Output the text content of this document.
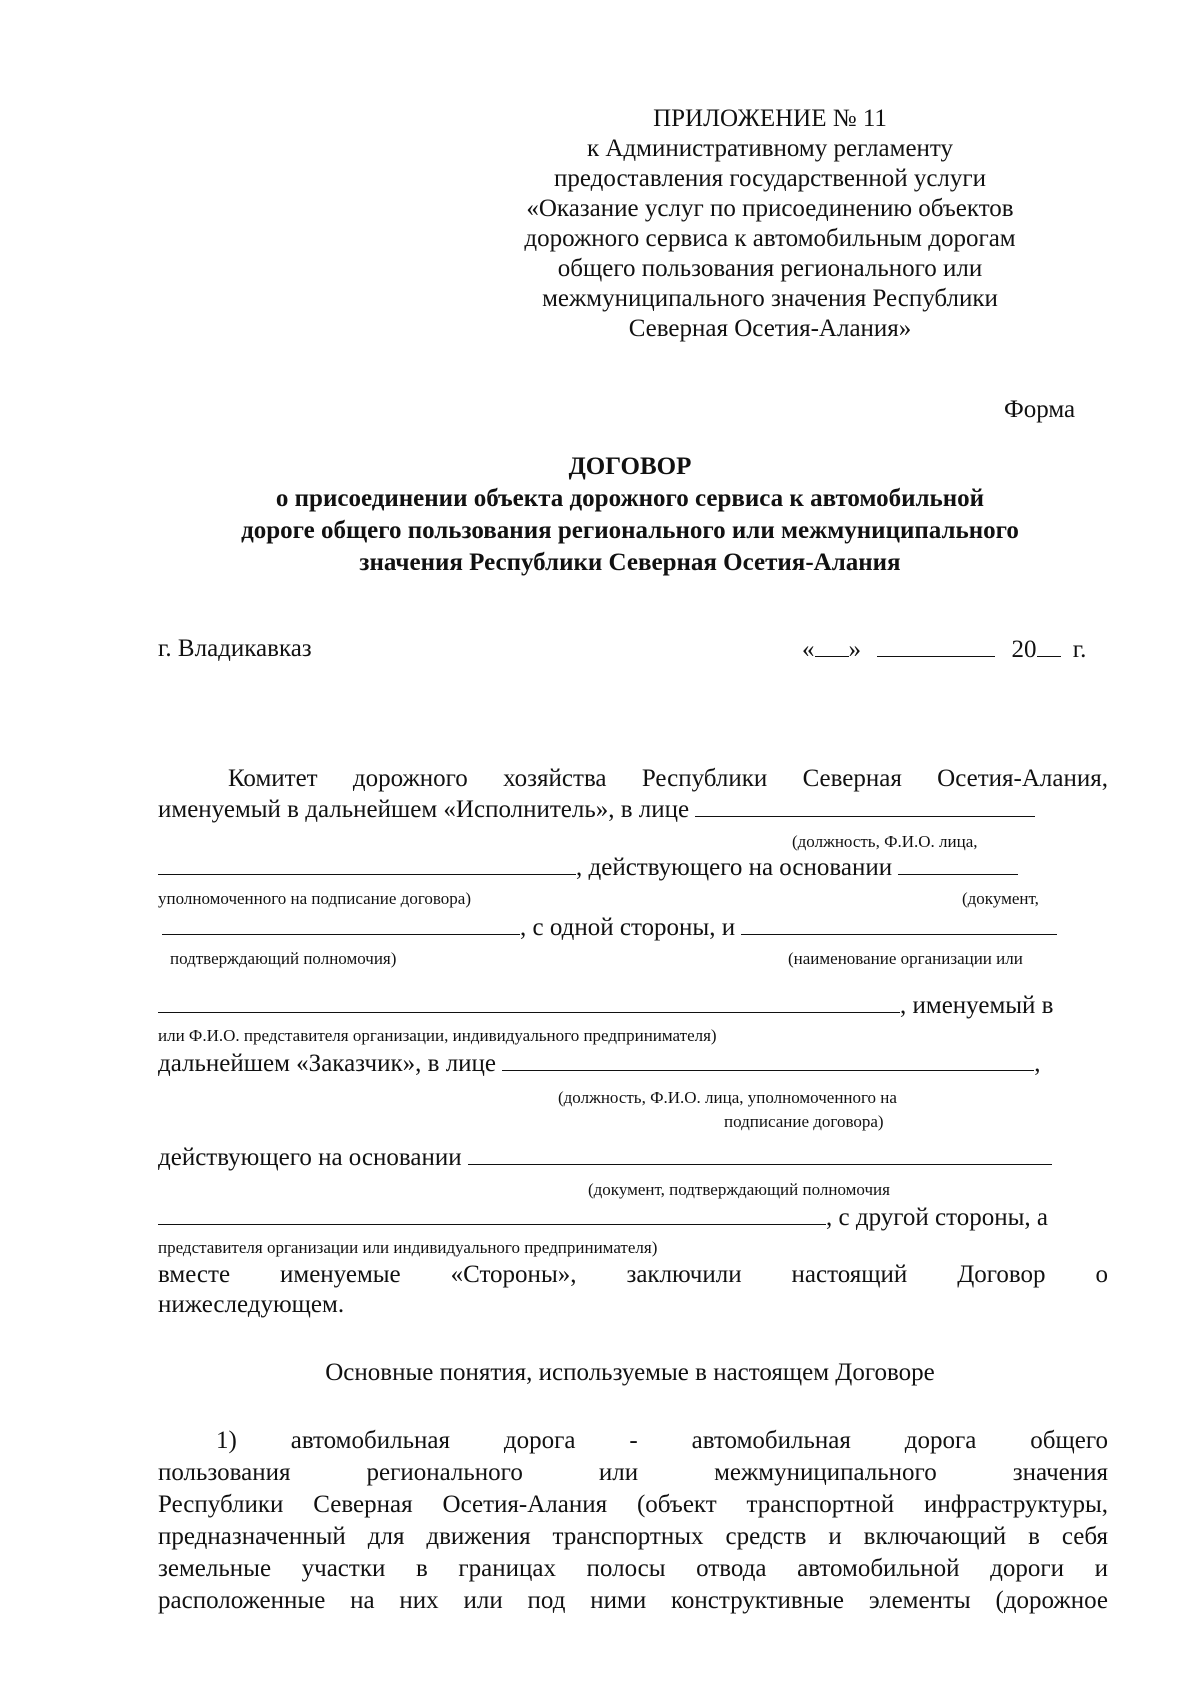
ПРИЛОЖЕНИЕ № 11
к Административному регламенту
предоставления государственной услуги
«Оказание услуг по присоединению объектов
дорожного сервиса к автомобильным дорогам
общего пользования регионального или
межмуниципального значения Республики
Северная Осетия-Алания»
Форма
ДОГОВОР
о присоединении объекта дорожного сервиса к автомобильной
дороге общего пользования регионального или межмуниципального
значения Республики Северная Осетия-Алания
г. Владикавказ	« »	20 г.
Комитет дорожного хозяйства Республики Северная Осетия-Алания,
именуемый в дальнейшем «Исполнитель», в лице
(должность, Ф.И.О. лица,
, действующего на основании
уполномоченного на подписание договора)	(документ,
, с одной стороны, и
подтверждающий полномочия)	(наименование организации или
, именуемый в
или Ф.И.О. представителя организации, индивидуального предпринимателя)
дальнейшем «Заказчик», в лице	,
(должность, Ф.И.О. лица, уполномоченного на
подписание договора)
действующего на основании
(документ, подтверждающий полномочия
, с другой стороны, а
представителя организации или индивидуального предпринимателя)
вместе именуемые «Стороны», заключили настоящий Договор о
нижеследующем.
Основные понятия, используемые в настоящем Договоре
1) автомобильная дорога - автомобильная дорога общего
пользования регионального или межмуниципального значения
Республики Северная Осетия-Алания (объект транспортной инфраструктуры,
предназначенный для движения транспортных средств и включающий в себя
земельные участки в границах полосы отвода автомобильной дороги и
расположенные на них или под ними конструктивные элементы (дорожное
